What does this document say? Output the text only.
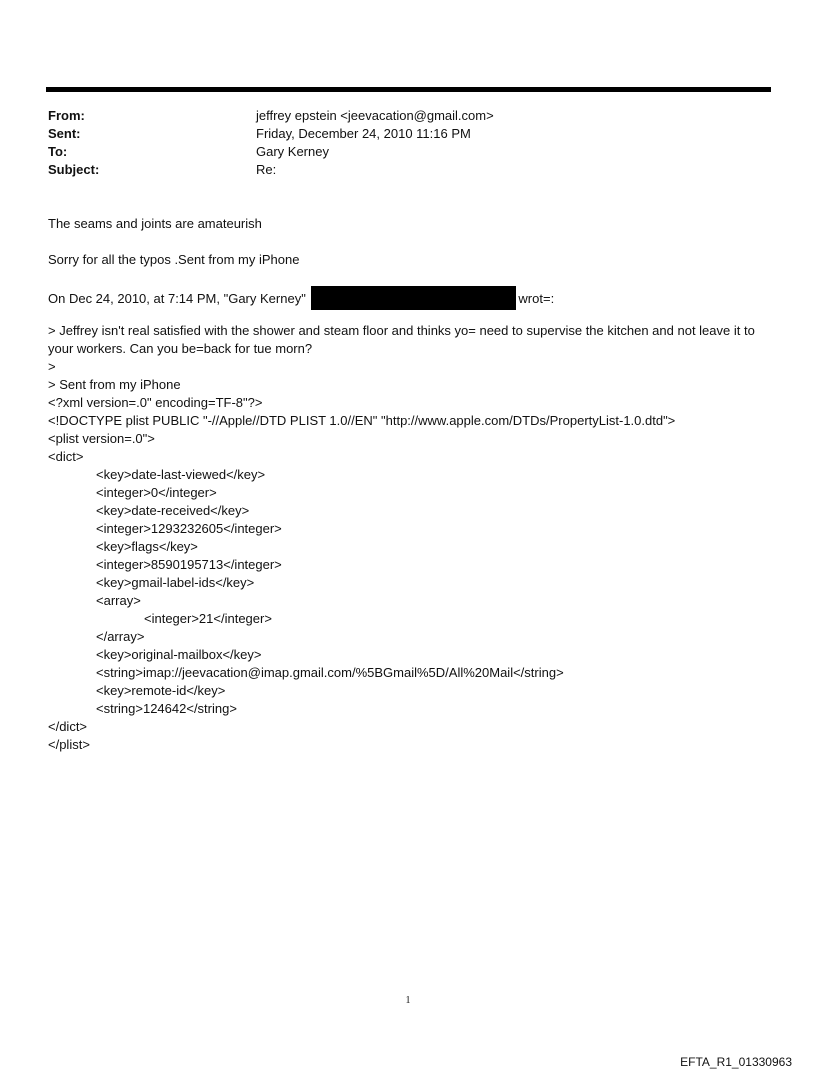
From:	jeffrey epstein <jeevacation@gmail.com>
Sent:	Friday, December 24, 2010 11:16 PM
To:	Gary Kerney
Subject:	Re:
The seams and joints are amateurish
Sorry for all the typos .Sent from my iPhone
On Dec 24, 2010, at 7:14 PM, "Gary Kerney"	wrot=:
> Jeffrey isn't real satisfied with the shower and steam floor and thinks yo= need to supervise the kitchen and not leave it to your workers. Can you be=back for tue morn?
>
> Sent from my iPhone
<?xml version=.0" encoding=TF-8"?>
<!DOCTYPE plist PUBLIC "-//Apple//DTD PLIST 1.0//EN" "http://www.apple.com/DTDs/PropertyList-1.0.dtd">
<plist version=.0">
<dict>
<key>date-last-viewed</key>
<integer>0</integer>
<key>date-received</key>
<integer>1293232605</integer>
<key>flags</key>
<integer>8590195713</integer>
<key>gmail-label-ids</key>
<array>
<integer>21</integer>
</array>
<key>original-mailbox</key>
<string>imap://jeevacation@imap.gmail.com/%5BGmail%5D/All%20Mail</string>
<key>remote-id</key>
<string>124642</string>
</dict>
</plist>
1
EFTA_R1_01330963
